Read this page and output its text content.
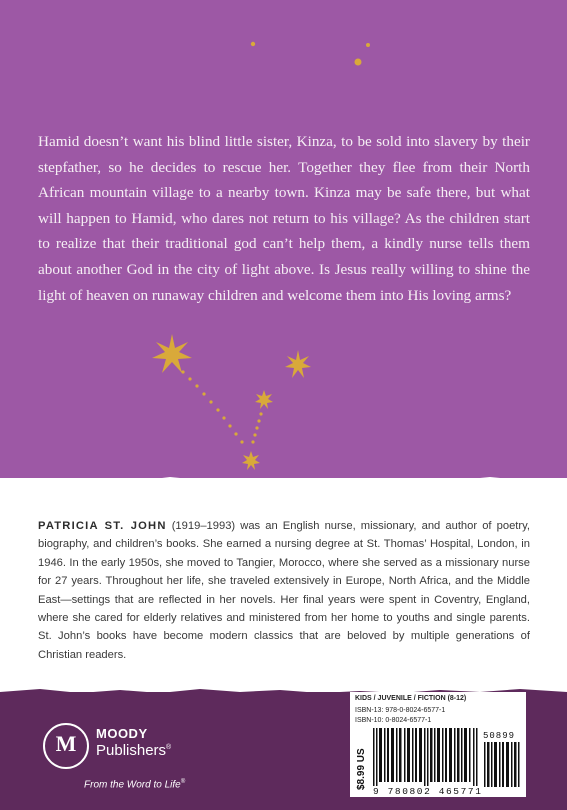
Hamid doesn’t want his blind little sister, Kinza, to be sold into slavery by their stepfather, so he decides to rescue her. Together they flee from their North African mountain village to a nearby town. Kinza may be safe there, but what will happen to Hamid, who dares not return to his village? As the children start to realize that their traditional god can’t help them, a kindly nurse tells them about another God in the city of light above. Is Jesus really willing to shine the light of heaven on runaway children and welcome them into His loving arms?
PATRICIA ST. JOHN (1919–1993) was an English nurse, missionary, and author of poetry, biography, and children’s books. She earned a nursing degree at St. Thomas’ Hospital, London, in 1946. In the early 1950s, she moved to Tangier, Morocco, where she served as a missionary nurse for 27 years. Throughout her life, she traveled extensively in Europe, North Africa, and the Middle East—settings that are reflected in her novels. Her final years were spent in Coventry, England, where she cared for elderly relatives and ministered from her home to youths and single parents. St. John’s books have become modern classics that are beloved by multiple generations of Christian readers.
M	MOODY
Publishers®
From the Word to Life®
KIDS / JUVENILE / FICTION (8-12)
ISBN-13: 978-0-8024-6577-1
ISBN-10: 0-8024-6577-1
$8.99 US
9 780802 465771
50899
